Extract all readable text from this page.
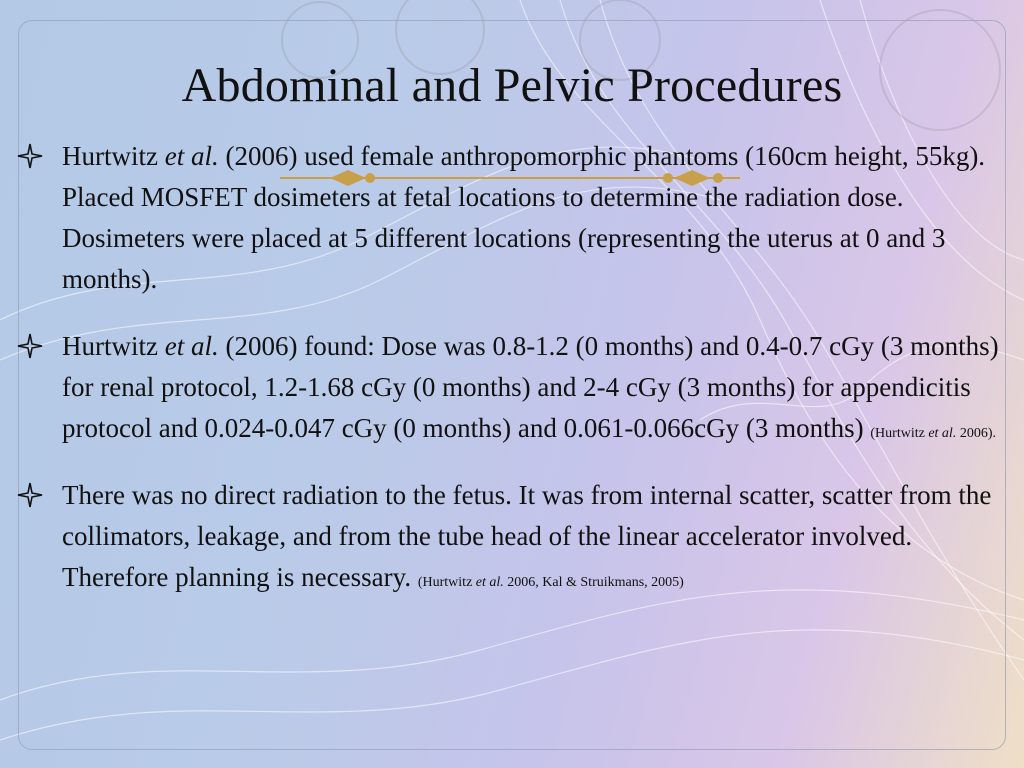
Abdominal and Pelvic Procedures
Hurtwitz et al. (2006) used female anthropomorphic phantoms (160cm height, 55kg). Placed MOSFET dosimeters at fetal locations to determine the radiation dose. Dosimeters were placed at 5 different locations (representing the uterus at 0 and 3 months).
Hurtwitz et al. (2006) found: Dose was 0.8-1.2 (0 months) and 0.4-0.7 cGy (3 months) for renal protocol, 1.2-1.68 cGy (0 months) and 2-4 cGy (3 months) for appendicitis protocol and 0.024-0.047 cGy (0 months) and 0.061-0.066cGy (3 months) (Hurtwitz et al. 2006).
There was no direct radiation to the fetus. It was from internal scatter, scatter from the collimators, leakage, and from the tube head of the linear accelerator involved. Therefore planning is necessary. (Hurtwitz et al. 2006, Kal & Struikmans, 2005)
